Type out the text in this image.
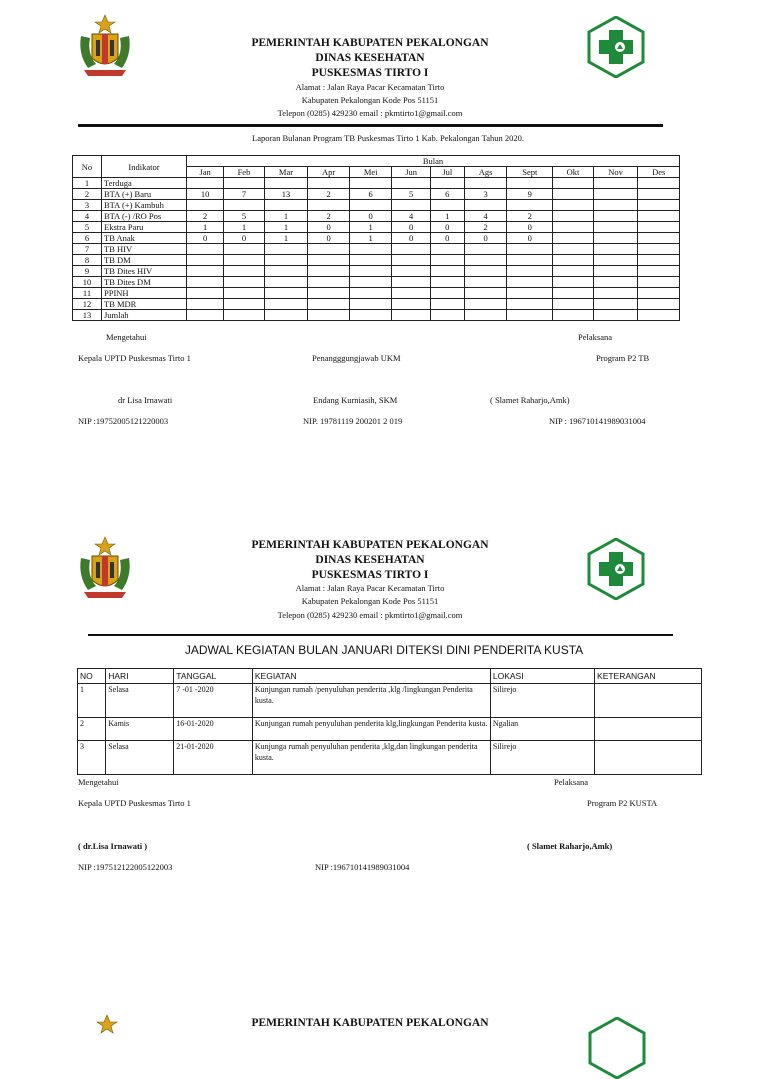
PEMERINTAH KABUPATEN PEKALONGAN
DINAS KESEHATAN
PUSKESMAS TIRTO I
Alamat : Jalan Raya Pacar Kecamatan Tirto
Kabupaten Pekalongan Kode Pos 51151
Telepon (0285) 429230 email : pkmtirto1@gmail.com
Laporan Bulanan Program TB Puskesmas Tirto 1 Kab. Pekalongan Tahun 2020.
No	Indikator	Bulan											
		Jan	Feb	Mar	Apr	Mei	Jun	Jul	Ags	Sept	Okt	Nov	Des
1	Terduga												
2	BTA (+) Baru	10	7	13	2	6	5	6	3	9			
3	BTA (+) Kambuh												
4	BTA (-) /RO Pos	2	5	1	2	0	4	1	4	2			
5	Ekstra Paru	1	1	1	0	1	0	0	2	0			
6	TB Anak	0	0	1	0	1	0	0	0	0			
7	TB HIV												
8	TB DM												
9	TB Dites HIV												
10	TB Dites DM												
11	PPINH												
12	TB MDR												
13	Jumlah												
Mengetahui	Pelaksana
Kepala UPTD Puskesmas Tirto 1	Penangggungjawab UKM	Program P2 TB
dr Lisa Irnawati	Endang Kurniasih, SKM	( Slamet Raharjo,Amk)
NIP :19752005121220003	NIP. 19781119 200201 2 019	NIP : 196710141989031004
PEMERINTAH KABUPATEN PEKALONGAN
DINAS KESEHATAN
PUSKESMAS TIRTO I
Alamat : Jalan Raya Pacar Kecamatan Tirto
Kabupaten Pekalongan Kode Pos 51151
Telepon (0285) 429230 email : pkmtirto1@gmail.com
JADWAL KEGIATAN BULAN JANUARI DITEKSI DINI PENDERITA KUSTA
NO	HARI	TANGGAL	KEGIATAN	LOKASI	KETERANGAN
1	Selasa	7 -01 -2020	Kunjungan rumah /penyuluhan penderita ,klg /lingkungan Penderita kusta.	Silirejo	
2	Kamis	16-01-2020	Kunjungan rumah penyuluhan penderita klg,lingkungan Penderita kusta.	Ngalian	
3	Selasa	21-01-2020	Kunjunga rumah penyuluhan penderita ,klg,dan lingkungan penderita kusta.	Silirejo	
Mengetahui	Pelaksana
Kepala UPTD Puskesmas Tirto 1	Program P2 KUSTA
( dr.Lisa Irnawati )	( Slamet Raharjo,Amk)
NIP :197512122005122003	NIP :196710141989031004
PEMERINTAH KABUPATEN PEKALONGAN
